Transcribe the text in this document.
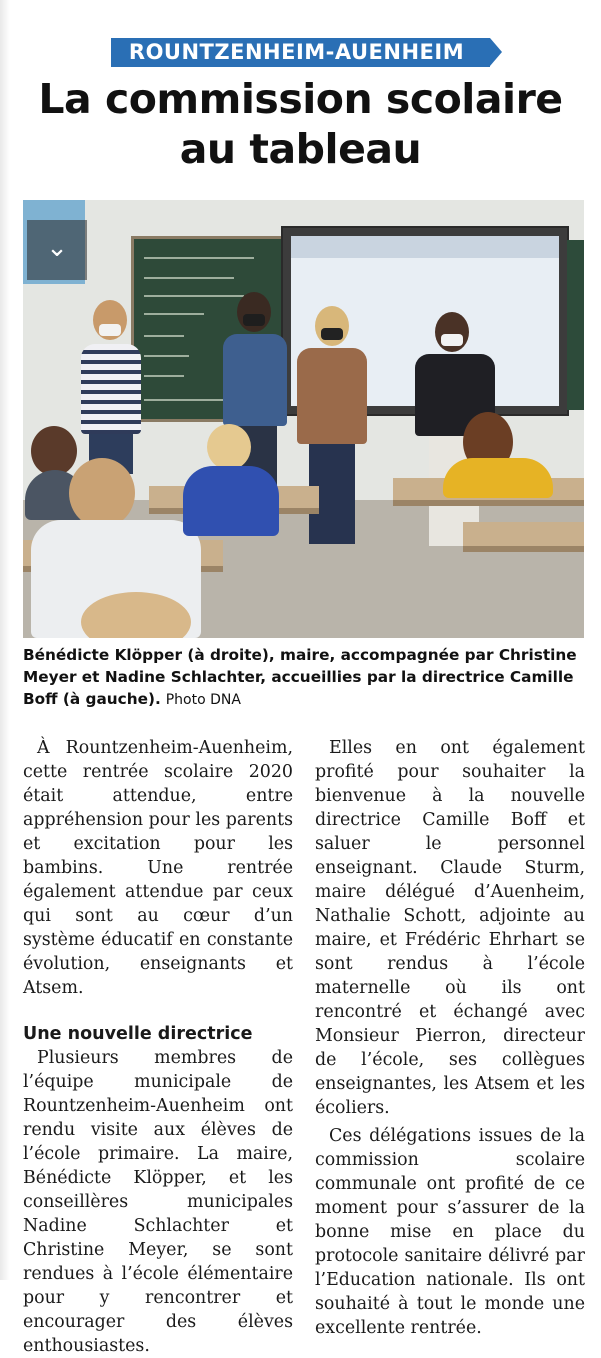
ROUNTZENHEIM-AUENHEIM
La commission scolaire
au tableau
⌄

Bénédicte Klöpper (à droite), maire, accompagnée par Christine Meyer et Nadine Schlachter, accueillies par la directrice Camille Boff (à gauche). Photo DNA

À Rountzenheim-Auenheim, cette rentrée scolaire 2020 était attendue, entre appréhension pour les parents et excitation pour les bambins. Une rentrée également attendue par ceux qui sont au cœur d’un système éducatif en constante évolution, enseignants et Atsem.

Une nouvelle directrice

Plusieurs membres de l’équipe municipale de Rountzenheim-Auenheim ont rendu visite aux élèves de l’école primaire. La maire, Bénédicte Klöpper, et les conseillères municipales Nadine Schlachter et Christine Meyer, se sont rendues à l’école élémentaire pour y rencontrer et encourager des élèves enthousiastes.

Elles en ont également profité pour souhaiter la bienvenue à la nouvelle directrice Camille Boff et saluer le personnel enseignant. Claude Sturm, maire délégué d’Auenheim, Nathalie Schott, adjointe au maire, et Frédéric Ehrhart se sont rendus à l’école maternelle où ils ont rencontré et échangé avec Monsieur Pierron, directeur de l’école, ses collègues enseignantes, les Atsem et les écoliers.

Ces délégations issues de la commission scolaire communale ont profité de ce moment pour s’assurer de la bonne mise en place du protocole sanitaire délivré par l’Education nationale. Ils ont souhaité à tout le monde une excellente rentrée.
